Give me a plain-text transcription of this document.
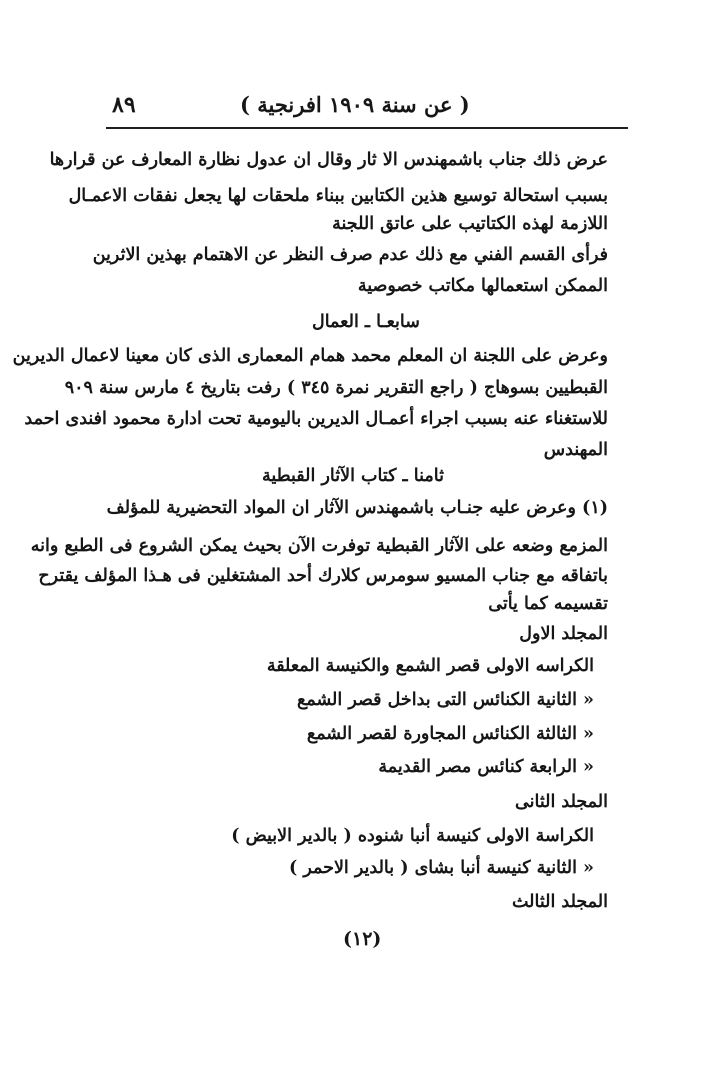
( عن سنة ١٩٠٩ افرنجية )
٨٩
عرض ذلك جناب باشمهندس الا ثار وقال ان عدول نظارة المعارف عن قرارها
بسبب استحالة توسيع هذين الكتابين ببناء ملحقات لها يجعل نفقات الاعمـال
اللازمة لهذه الكتاتيب على عاتق اللجنة
فرأى القسم الفني مع ذلك عدم صرف النظر عن الاهتمام بهذين الاثرين
الممكن استعمالها مكاتب خصوصية
سابعـا ـ العمال
وعرض على اللجنة ان المعلم محمد همام المعمارى الذى كان معينا لاعمال الديرين
القبطيين بسوهاج ( راجع التقرير نمرة ٣٤٥ ) رفت بتاريخ ٤ مارس سنة ٩٠٩
للاستغناء عنه بسبب اجراء أعمـال الديرين باليومية تحت ادارة محمود افندى احمد
المهندس
ثامنا ـ كتاب الآثار القبطية
(١) وعرض عليه جنـاب باشمهندس الآثار ان المواد التحضيرية للمؤلف
المزمع وضعه على الآثار القبطية توفرت الآن بحيث يمكن الشروع فى الطبع وانه
باتفاقه مع جناب المسيو سومرس كلارك أحد المشتغلين فى هـذا المؤلف يقترح
تقسيمه كما يأتى
المجلد الاول
الكراسه الاولى قصر الشمع والكنيسة المعلقة
« الثانية الكنائس التى بداخل قصر الشمع
« الثالثة الكنائس المجاورة لقصر الشمع
« الرابعة كنائس مصر القديمة
المجلد الثانى
الكراسة الاولى كنيسة أنبا شنوده ( بالدير الابيض )
« الثانية كنيسة أنبا بشاى ( بالدير الاحمر )
المجلد الثالث
(١٢)
